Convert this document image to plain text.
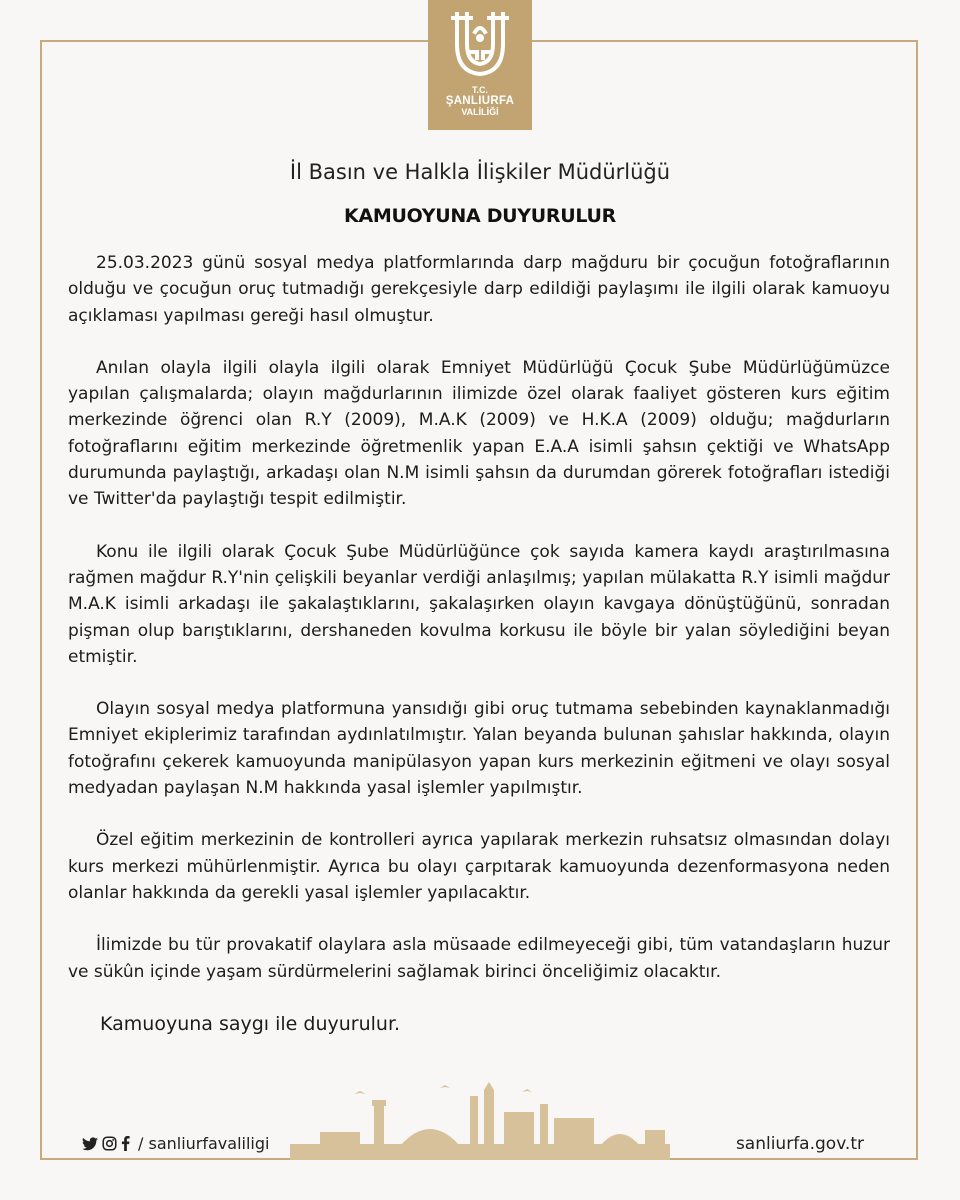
T.C.
ŞANLIURFA
VALİLİĞİ
İl Basın ve Halkla İlişkiler Müdürlüğü
KAMUOYUNA DUYURULUR

25.03.2023 günü sosyal medya platformlarında darp mağduru bir çocuğun fotoğraflarının olduğu ve çocuğun oruç tutmadığı gerekçesiyle darp edildiği paylaşımı ile ilgili olarak kamuoyu açıklaması yapılması gereği hasıl olmuştur.

Anılan olayla ilgili olayla ilgili olarak Emniyet Müdürlüğü Çocuk Şube Müdürlüğümüzce yapılan çalışmalarda; olayın mağdurlarının ilimizde özel olarak faaliyet gösteren kurs eğitim merkezinde öğrenci olan R.Y (2009), M.A.K (2009) ve H.K.A (2009) olduğu; mağdurların fotoğraflarını eğitim merkezinde öğretmenlik yapan E.A.A isimli şahsın çektiği ve WhatsApp durumunda paylaştığı, arkadaşı olan N.M isimli şahsın da durumdan görerek fotoğrafları istediği ve Twitter'da paylaştığı tespit edilmiştir.

Konu ile ilgili olarak Çocuk Şube Müdürlüğünce çok sayıda kamera kaydı araştırılmasına rağmen mağdur R.Y'nin çelişkili beyanlar verdiği anlaşılmış; yapılan mülakatta R.Y isimli mağdur M.A.K isimli arkadaşı ile şakalaştıklarını, şakalaşırken olayın kavgaya dönüştüğünü, sonradan pişman olup barıştıklarını, dershaneden kovulma korkusu ile böyle bir yalan söylediğini beyan etmiştir.

Olayın sosyal medya platformuna yansıdığı gibi oruç tutmama sebebinden kaynaklanmadığı Emniyet ekiplerimiz tarafından aydınlatılmıştır. Yalan beyanda bulunan şahıslar hakkında, olayın fotoğrafını çekerek kamuoyunda manipülasyon yapan kurs merkezinin eğitmeni ve olayı sosyal medyadan paylaşan N.M hakkında yasal işlemler yapılmıştır.

Özel eğitim merkezinin de kontrolleri ayrıca yapılarak merkezin ruhsatsız olmasından dolayı kurs merkezi mühürlenmiştir. Ayrıca bu olayı çarpıtarak kamuoyunda dezenformasyona neden olanlar hakkında da gerekli yasal işlemler yapılacaktır.

İlimizde bu tür provakatif olaylara asla müsaade edilmeyeceği gibi, tüm vatandaşların huzur ve sükûn içinde yaşam sürdürmelerini sağlamak birinci önceliğimiz olacaktır.

Kamuoyuna saygı ile duyurulur.

/ sanliurfavaliligi	sanliurfa.gov.tr
